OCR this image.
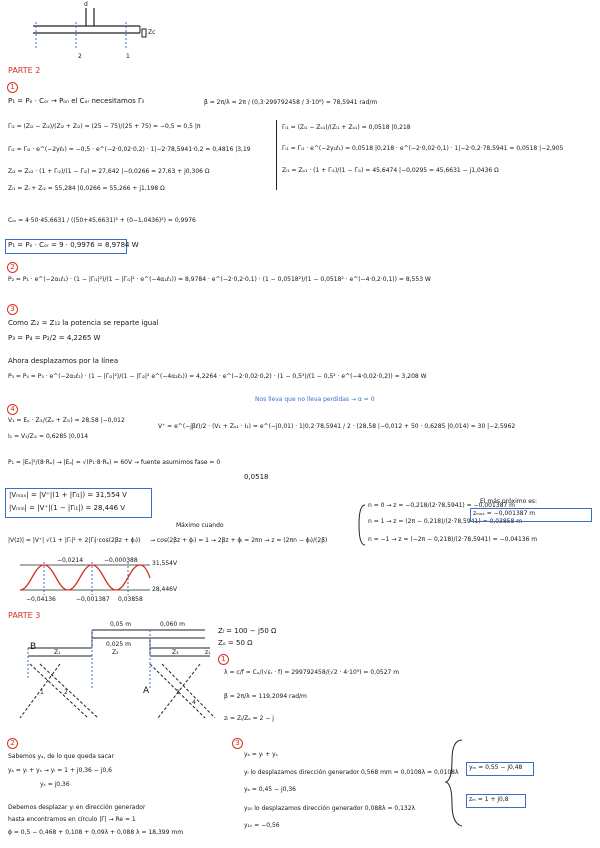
d
Zc
2	1
PARTE 2
1
P₁ = Pₑ · Cₒᵣ → Pₒₙ el Cₒᵣ necesitamos Γᵢₗ
Γₗ₂ = (Zₗ₂ − Zₗ₂)/(Zₗ₂ + Zₗ₂) = (25 − 75)/(25 + 75) = −0,5 = 0,5 |π
Γᵢ₂ = Γₗ₂ · e^(−2γℓ₂) = −0,5 · e^(−2·0,02·0,2) · 1|−2·78,5941·0,2 = 0,4816 |3,19
Zᵢ₂ = Zₒ₂ · (1 + Γᵢ₂)/(1 − Γᵢ₂) = 27,642 |−0,0266 = 27,63 + j0,306 Ω
Zₗ₁ = Zₗ + Zᵢ₂ = 55,284 |0,0266 = 55,266 + j1,198 Ω
β = 2π/λ = 2π / (0,3·299792458 / 3·10⁸) = 78,5941 rad/m
Γₗ₁ = (Zₗ₁ − Zₒ₁)/(Zₗ₁ + Zₒ₁) = 0,0518 |0,218
Γᵢ₁ = Γₗ₁ · e^(−2γ₁ℓ₁) = 0,0518 |0,218 · e^(−2·0,02·0,1) · 1|−2·0,2·78,5941 = 0,0518 |−2,905
Zᵢ₁ = Zₒ₁ · (1 + Γᵢ₁)/(1 − Γᵢ₁) = 45,6474 |−0,0295 = 45,6631 − j1,0436 Ω
Cₒᵣ = 4·50·45,6631 / ((50+45,6631)² + (0−1,0436)²) = 0,9976
P₁ = Pₑ · Cₒᵣ = 9 · 0,9976 = 8,9784 W
2
P₂ = P₁ · e^(−2α₁ℓ₁) · (1 − |Γₗ₁|²)/(1 − |Γᵢ₁|² · e^(−4α₁ℓ₁)) = 8,9784 · e^(−2·0,2·0,1) · (1 − 0,0518²)/(1 − 0,0518² · e^(−4·0,2·0,1)) = 8,553 W
3
Como Zᵢ₂ = Z₁₂ la potencia se reparte igual
P₃ = P₄ = P₂/2 = 4,2265 W
Ahora desplazamos por la línea
P₃ = P₄ = P₃ · e^(−2α₂ℓ₂) · (1 − |Γₗ₂|²)/(1 − |Γₗ₂|² e^(−4α₂ℓ₂)) = 4,2264 · e^(−2·0,02·0,2) · (1 − 0,5²)/(1 − 0,5² · e^(−4·0,02·0,2)) = 3,208 W
4
Nos lleva que no lleva perdidas → α = 0
V₁ = Eₒ · Zᵢ₁/(Zₒ + Zᵢ₁) = 28,58 |−0,012
I₁ = V₁/Zᵢ₁ = 0,6285 |0,014
V⁺ = e^(−jβℓ)/2 · (V₁ + Zₒ₁ · I₁) = e^(−j0,01) · 1|0,2·78,5941 / 2 · (28,58 |−0,012 + 50 · 0,6285 |0,014) = 30 |−2,5962
P₁ = |Eₒ|²/(8·Rₒ) → |Eₒ| = √(P₁·8·Rₒ) = 60V → fuente asumimos fase = 0
0,0518
|Vₘₐₓ| = |V⁺|(1 + |Γₗ₁|) = 31,554 V
|Vₘᵢₙ| = |V⁺|(1 − |Γₗ₁|) = 28,446 V
Máximo cuando
|V(z)| = |V⁺| √(1 + |Γₗ|² + 2|Γₗ|·cos(2βz + ϕₗ)) → cos(2βz + ϕₗ) = 1 → 2βz + ϕₗ = 2πn → z = (2πn − ϕₗ)/(2β)
n = 0 → z = −0,218/(2·78,5941) = −0,001387 m
n = 1 → z = (2π − 0,218)/(2·78,5941) = 0,03858 m
n = −1 → z = (−2π − 0,218)/(2·78,5941) = −0,04136 m
El más próximo es:
zₘₐₓ = −0,001387 m
31,554V
28,446V
−0,0214	−0,000388
−0,04136	−0,001387 0,03858
PARTE 3
B
A
z₁
0,05 m
0,025 m
0,060 m
Z₁	Z₂	Z₃
1	2	3
4
Zₗ = 100 − j50 Ω
Zₒ = 50 Ω
1
λ = c/f = Cₒ/(√εᵣ · f) = 299792458/(√2 · 4·10⁹) = 0,0527 m
β = 2π/λ = 119,2094 rad/m
zₗ = Zₗ/Zₒ = 2 − j
2
Sabemos yₐ, de lo que queda sacar
yₐ = yₗ + yₛ → yₗ = 1 + j0,36 − j0,6
yₛ = j0,36
Debemos desplazar yₗ en dirección generador
hasta encontrarnos en círculo |Γ| → Re = 1
ϕ = 0,5 − 0,468 + 0,108 + 0,09λ + 0,088 λ = 18,399 mm
3
yₐ = yₗ + yₛ
yₗ lo desplazamos dirección generador 0,568 mm = 0,0108λ = 0,0108λ
yₐ = 0,45 − j0,36
y₂₀ lo desplazamos dirección generador 0,088λ = 0,132λ
y₁ₙ = −0,56
yₘ = 0,55 − j0,48
zₘ = 1 + j0,8
